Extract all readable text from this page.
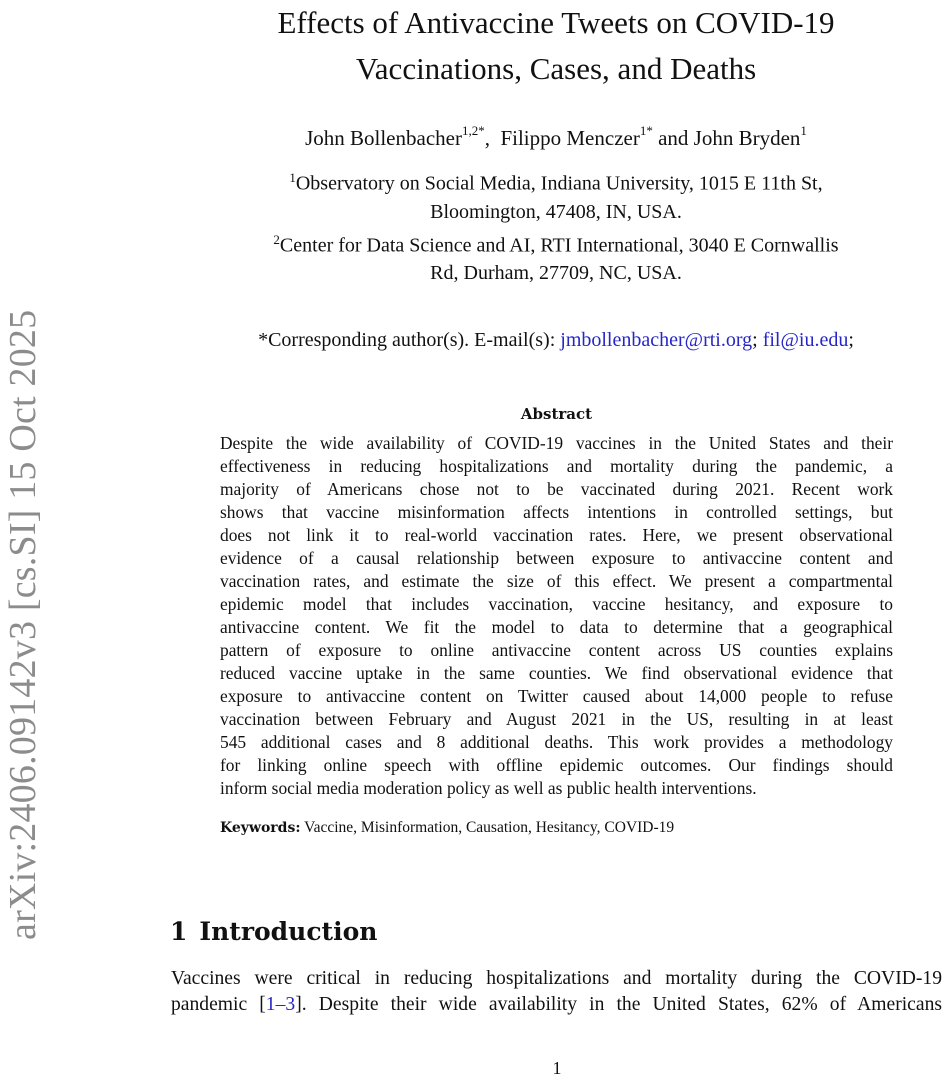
arXiv:2406.09142v3 [cs.SI] 15 Oct 2025
Effects of Antivaccine Tweets on COVID-19
Vaccinations, Cases, and Deaths
John Bollenbacher$^{1,2*}$,  Filippo Menczer$^{1*}$ and John Bryden$^1$
$^1$Observatory on Social Media, Indiana University, 1015 E 11th St,
Bloomington, 47408, IN, USA.
$^2$Center for Data Science and AI, RTI International, 3040 E Cornwallis
Rd, Durham, 27709, NC, USA.
*Corresponding author(s). E-mail(s): jmbollenbacher@rti.org; fil@iu.edu;
Abstract
Despite the wide availability of COVID-19 vaccines in the United States and their
effectiveness in reducing hospitalizations and mortality during the pandemic, a
majority of Americans chose not to be vaccinated during 2021. Recent work
shows that vaccine misinformation affects intentions in controlled settings, but
does not link it to real-world vaccination rates. Here, we present observational
evidence of a causal relationship between exposure to antivaccine content and
vaccination rates, and estimate the size of this effect. We present a compartmental
epidemic model that includes vaccination, vaccine hesitancy, and exposure to
antivaccine content. We fit the model to data to determine that a geographical
pattern of exposure to online antivaccine content across US counties explains
reduced vaccine uptake in the same counties. We find observational evidence that
exposure to antivaccine content on Twitter caused about 14,000 people to refuse
vaccination between February and August 2021 in the US, resulting in at least
545 additional cases and 8 additional deaths. This work provides a methodology
for linking online speech with offline epidemic outcomes. Our findings should
inform social media moderation policy as well as public health interventions.
Keywords: Vaccine, Misinformation, Causation, Hesitancy, COVID-19
1 Introduction
Vaccines were critical in reducing hospitalizations and mortality during the COVID-19
pandemic [1–3]. Despite their wide availability in the United States, 62% of Americans
1
